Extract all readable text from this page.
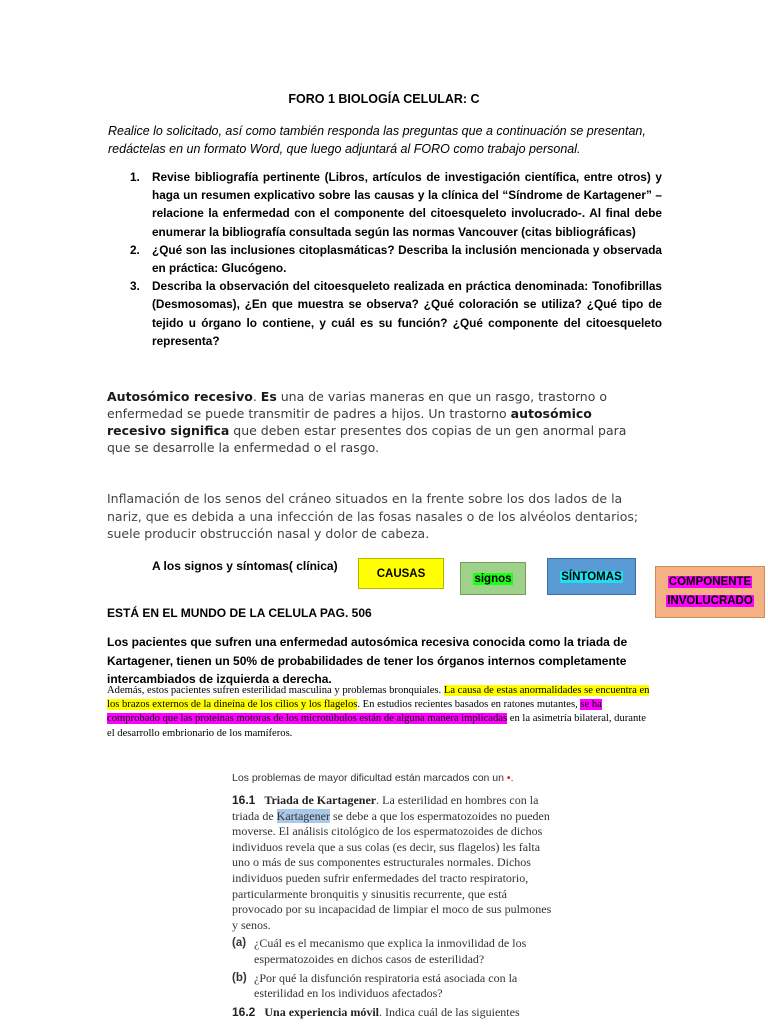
FORO 1 BIOLOGÍA CELULAR: C
Realice lo solicitado, así como también responda las preguntas que a continuación se presentan, redáctelas en un formato Word, que luego adjuntará al FORO como trabajo personal.
1.	Revise bibliografía pertinente (Libros, artículos de investigación científica, entre otros) y haga un resumen explicativo sobre las causas y la clínica del “Síndrome de Kartagener” – relacione la enfermedad con el componente del citoesqueleto involucrado-. Al final debe enumerar la bibliografía consultada según las normas Vancouver (citas bibliográficas)
2.	¿Qué son las inclusiones citoplasmáticas? Describa la inclusión mencionada y observada en práctica: Glucógeno.
3.	Describa la observación del citoesqueleto realizada en práctica denominada: Tonofibrillas (Desmosomas), ¿En que muestra se observa? ¿Qué coloración se utiliza? ¿Qué tipo de tejido u órgano lo contiene, y cuál es su función? ¿Qué componente del citoesqueleto representa?
Autosómico recesivo. Es una de varias maneras en que un rasgo, trastorno o enfermedad se puede transmitir de padres a hijos. Un trastorno autosómico recesivo significa que deben estar presentes dos copias de un gen anormal para que se desarrolle la enfermedad o el rasgo.
Inflamación de los senos del cráneo situados en la frente sobre los dos lados de la nariz, que es debida a una infección de las fosas nasales o de los alvéolos dentarios; suele producir obstrucción nasal y dolor de cabeza.
A los signos y síntomas( clínica)
CAUSAS	signos	SÍNTOMAS	COMPONENTE
INVOLUCRADO
ESTÁ EN EL MUNDO DE LA CELULA PAG. 506
Los pacientes que sufren una enfermedad autosómica recesiva conocida como la triada de Kartagener, tienen un 50% de probabilidades de tener los órganos internos completamente intercambiados de izquierda a derecha.
Además, estos pacientes sufren esterilidad masculina y problemas bronquiales. La causa de estas anormalidades se encuentra en los brazos externos de la dineína de los cilios y los flagelos. En estudios recientes basados en ratones mutantes, se ha comprobado que las proteínas motoras de los microtúbulos están de alguna manera implicadas en la asimetría bilateral, durante el desarrollo embrionario de los mamíferos.
Los problemas de mayor dificultad están marcados con un •.
16.1 Triada de Kartagener. La esterilidad en hombres con la triada de Kartagener se debe a que los espermatozoides no pueden moverse. El análisis citológico de los espermatozoides de dichos individuos revela que a sus colas (es decir, sus flagelos) les falta uno o más de sus componentes estructurales normales. Dichos individuos pueden sufrir enfermedades del tracto respiratorio, particularmente bronquitis y sinusitis recurrente, que está provocado por su incapacidad de limpiar el moco de sus pulmones y senos.
(a) ¿Cuál es el mecanismo que explica la inmovilidad de los espermatozoides en dichos casos de esterilidad?
(b) ¿Por qué la disfunción respiratoria está asociada con la esterilidad en los individuos afectados?
16.2 Una experiencia móvil. Indica cuál de las siguientes
